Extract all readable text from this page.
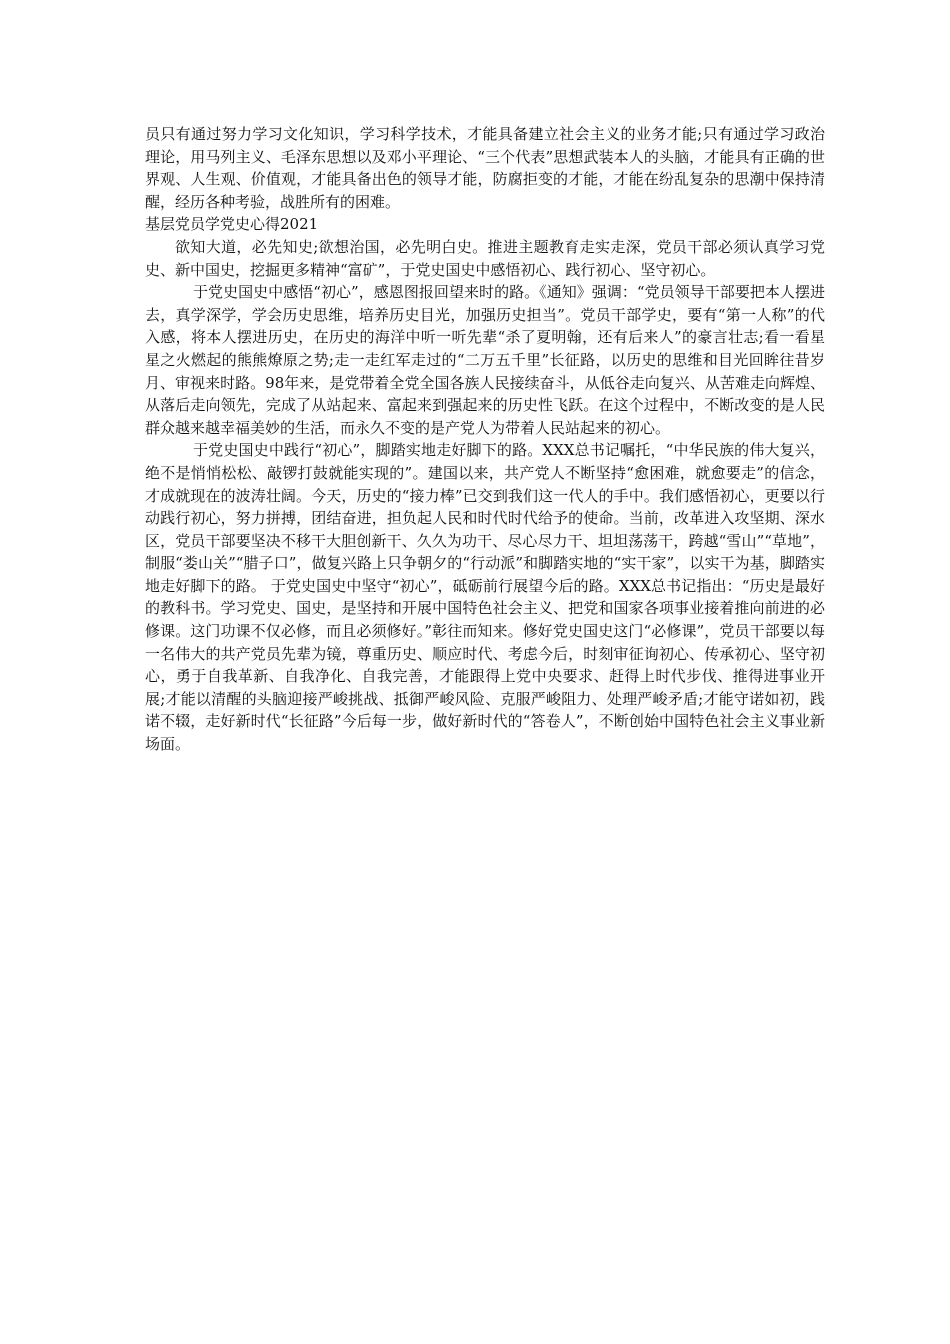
员只有通过努力学习文化知识，学习科学技术，才能具备建立社会主义的业务才能;只有通过学习政治理论，用马列主义、毛泽东思想以及邓小平理论、“三个代表”思想武装本人的头脑，才能具有正确的世界观、人生观、价值观，才能具备出色的领导才能，防腐拒变的才能，才能在纷乱复杂的思潮中保持清醒，经历各种考验，战胜所有的困难。

基层党员学党史心得2021

欲知大道，必先知史;欲想治国，必先明白史。推进主题教育走实走深，党员干部必须认真学习党史、新中国史，挖掘更多精神“富矿”，于党史国史中感悟初心、践行初心、坚守初心。

于党史国史中感悟“初心”，感恩图报回望来时的路。《通知》强调：“党员领导干部要把本人摆进去，真学深学，学会历史思维，培养历史目光，加强历史担当”。党员干部学史，要有“第一人称”的代入感，将本人摆进历史，在历史的海洋中听一听先辈“杀了夏明翰，还有后来人”的豪言壮志;看一看星星之火燃起的熊熊燎原之势;走一走红军走过的“二万五千里”长征路，以历史的思维和目光回眸往昔岁月、审视来时路。98年来，是党带着全党全国各族人民接续奋斗，从低谷走向复兴、从苦难走向辉煌、从落后走向领先，完成了从站起来、富起来到强起来的历史性飞跃。在这个过程中，不断改变的是人民群众越来越幸福美妙的生活，而永久不变的是产党人为带着人民站起来的初心。

于党史国史中践行“初心”，脚踏实地走好脚下的路。XXX总书记嘱托，“中华民族的伟大复兴，绝不是悄悄松松、敲锣打鼓就能实现的”。建国以来，共产党人不断坚持“愈困难，就愈要走”的信念，才成就现在的波涛壮阔。今天，历史的“接力棒”已交到我们这一代人的手中。我们感悟初心，更要以行动践行初心，努力拼搏，团结奋进，担负起人民和时代时代给予的使命。当前，改革进入攻坚期、深水区，党员干部要坚决不移干大胆创新干、久久为功干、尽心尽力干、坦坦荡荡干，跨越“雪山”“草地”，制服“娄山关”“腊子口”，做复兴路上只争朝夕的“行动派”和脚踏实地的“实干家”，以实干为基，脚踏实地走好脚下的路。 于党史国史中坚守“初心”，砥砺前行展望今后的路。XXX总书记指出：“历史是最好的教科书。学习党史、国史，是坚持和开展中国特色社会主义、把党和国家各项事业接着推向前进的必修课。这门功课不仅必修，而且必须修好。”彰往而知来。修好党史国史这门“必修课”，党员干部要以每一名伟大的共产党员先辈为镜，尊重历史、顺应时代、考虑今后，时刻审征询初心、传承初心、坚守初心，勇于自我革新、自我净化、自我完善，才能跟得上党中央要求、赶得上时代步伐、推得进事业开展;才能以清醒的头脑迎接严峻挑战、抵御严峻风险、克服严峻阻力、处理严峻矛盾;才能守诺如初，践诺不辍，走好新时代“长征路”今后每一步，做好新时代的“答卷人”，不断创始中国特色社会主义事业新场面。
